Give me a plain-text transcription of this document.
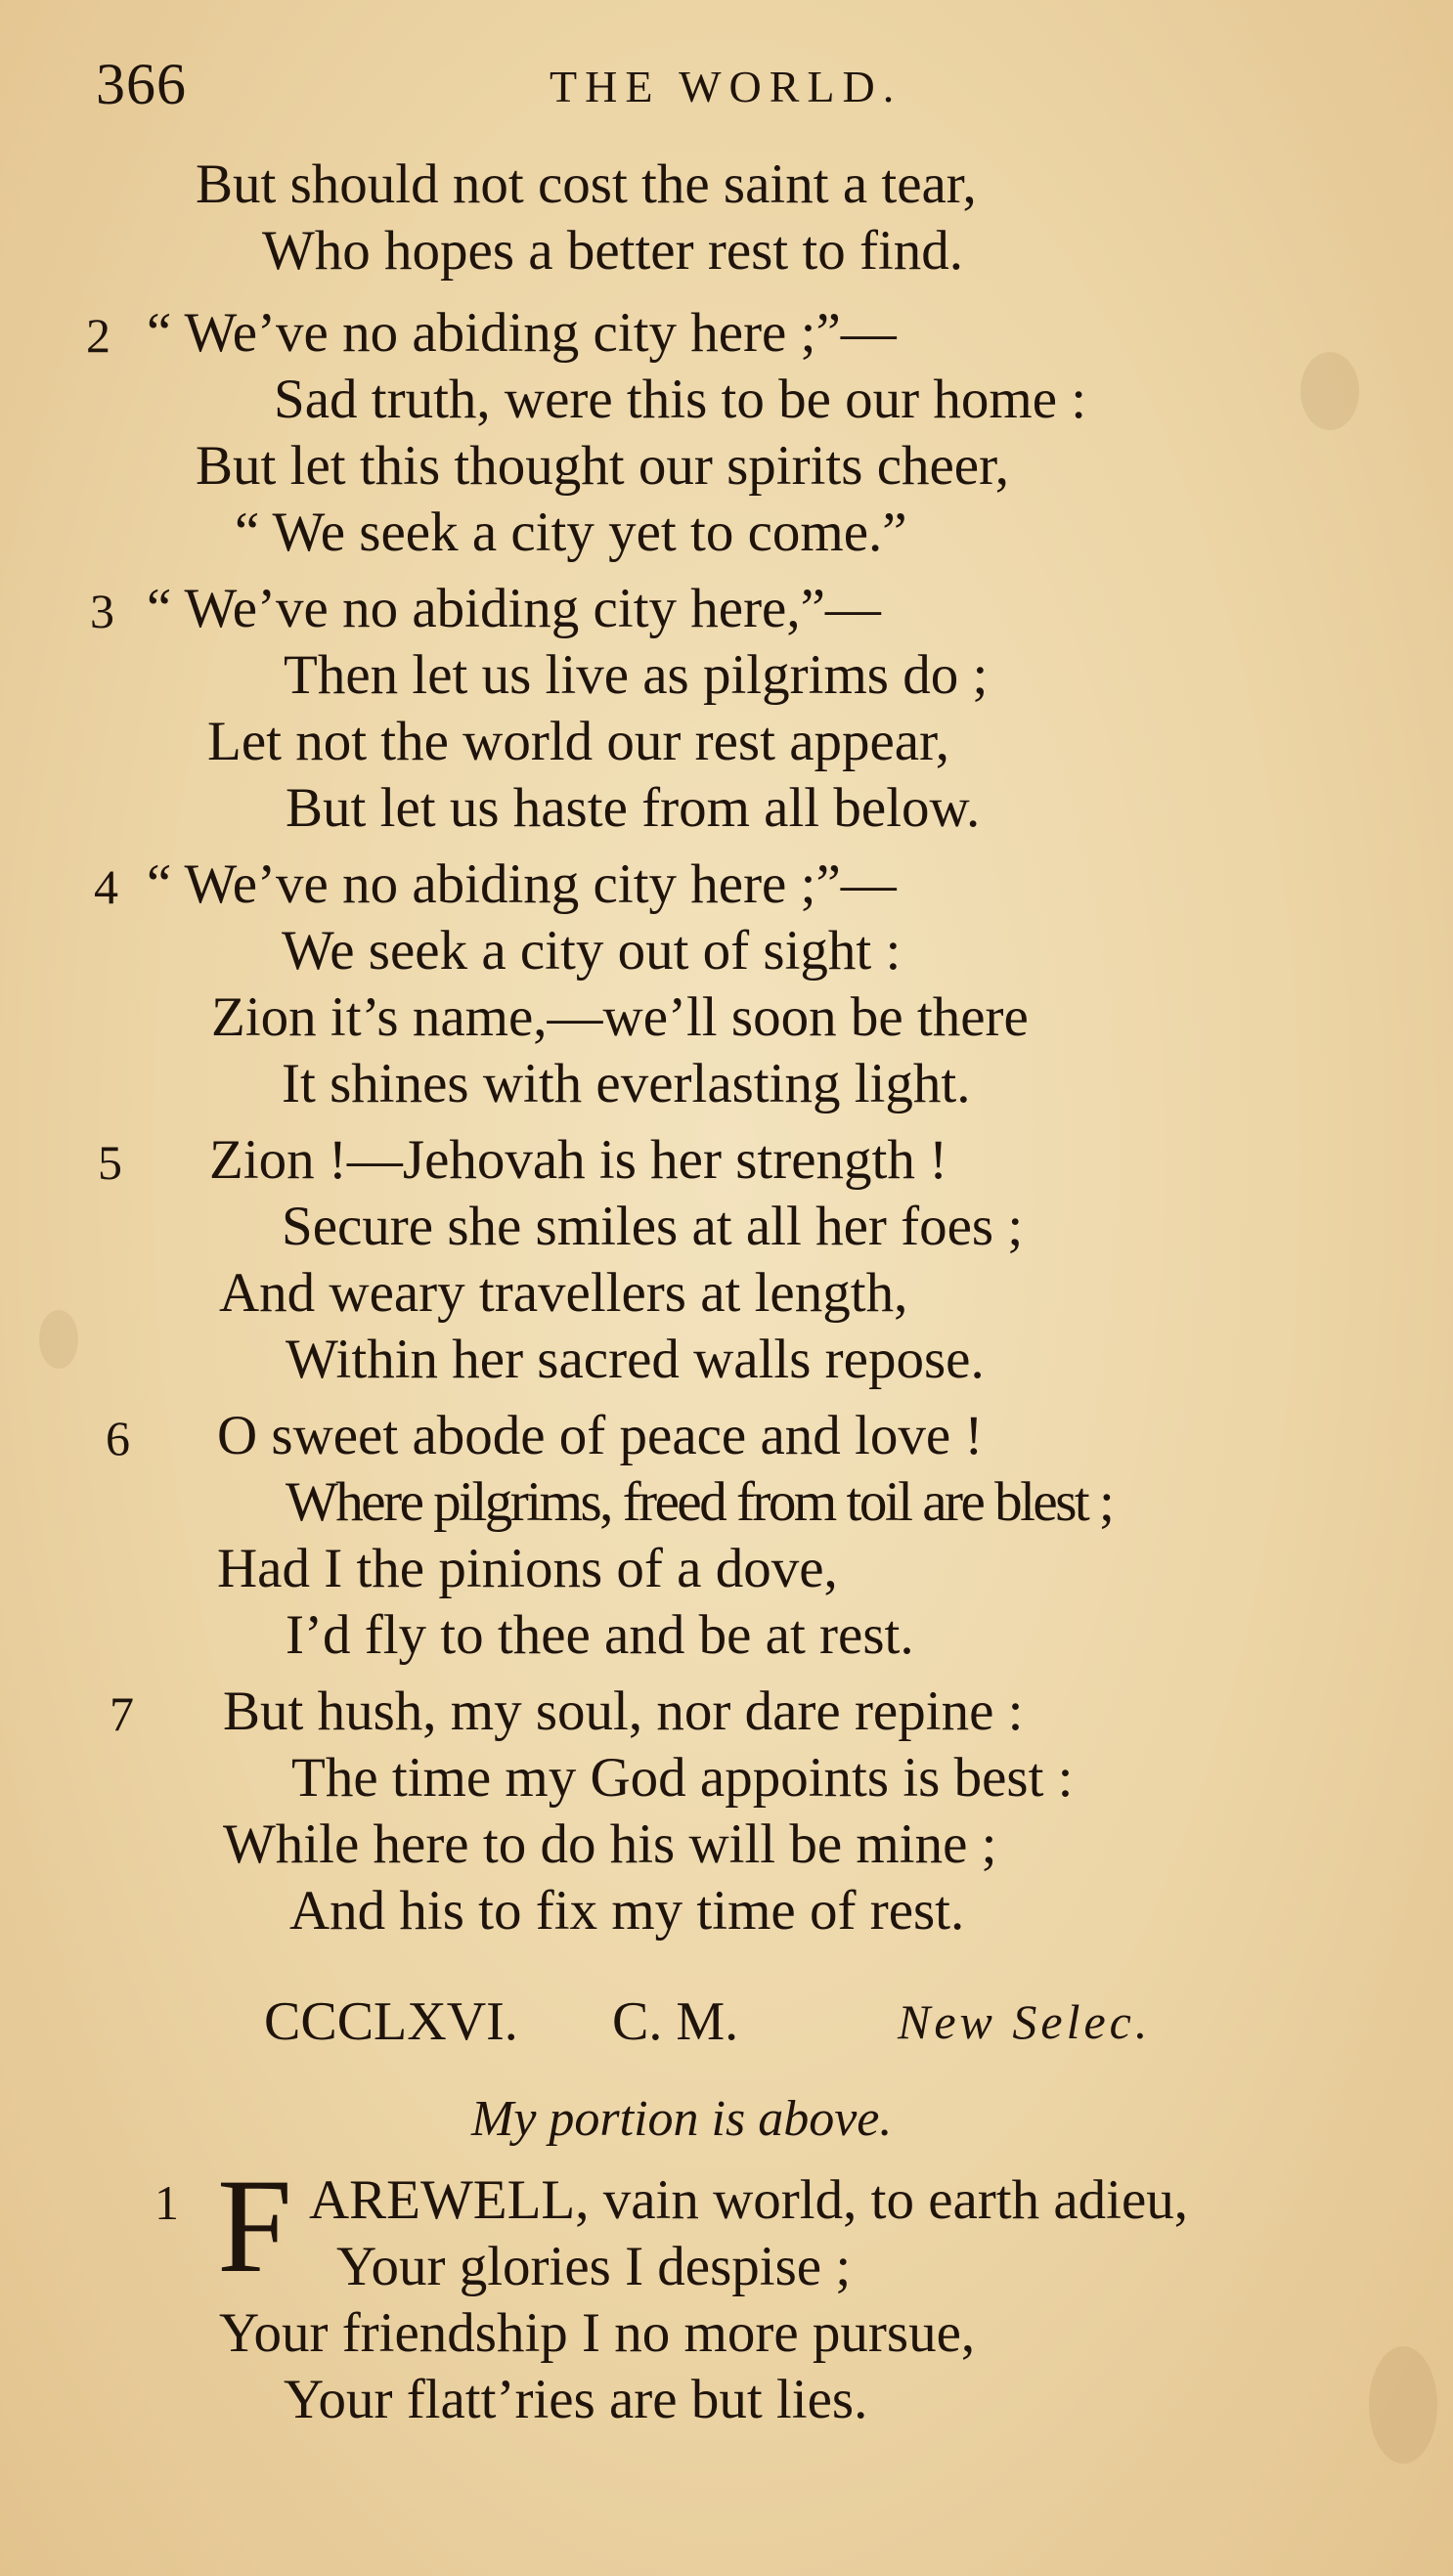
366	THE WORLD.
But should not cost the saint a tear,
Who hopes a better rest to find.
2 “ We’ve no abiding city here ;”—
Sad truth, were this to be our home :
But let this thought our spirits cheer,
“ We seek a city yet to come.”
3 “ We’ve no abiding city here,”—
Then let us live as pilgrims do ;
Let not the world our rest appear,
But let us haste from all below.
4 “ We’ve no abiding city here ;”—
We seek a city out of sight :
Zion it’s name,—we’ll soon be there
It shines with everlasting light.
5 Zion !—Jehovah is her strength !
Secure she smiles at all her foes ;
And weary travellers at length,
Within her sacred walls repose.
6 O sweet abode of peace and love !
Where pilgrims, freed from toil are blest ;
Had I the pinions of a dove,
I’d fly to thee and be at rest.
7 But hush, my soul, nor dare repine :
The time my God appoints is best :
While here to do his will be mine ;
And his to fix my time of rest.
CCCLXVI. C. M.	New Selec.
My portion is above.
1 F AREWELL, vain world, to earth adieu,
Your glories I despise ;
Your friendship I no more pursue,
Your flatt’ries are but lies.
